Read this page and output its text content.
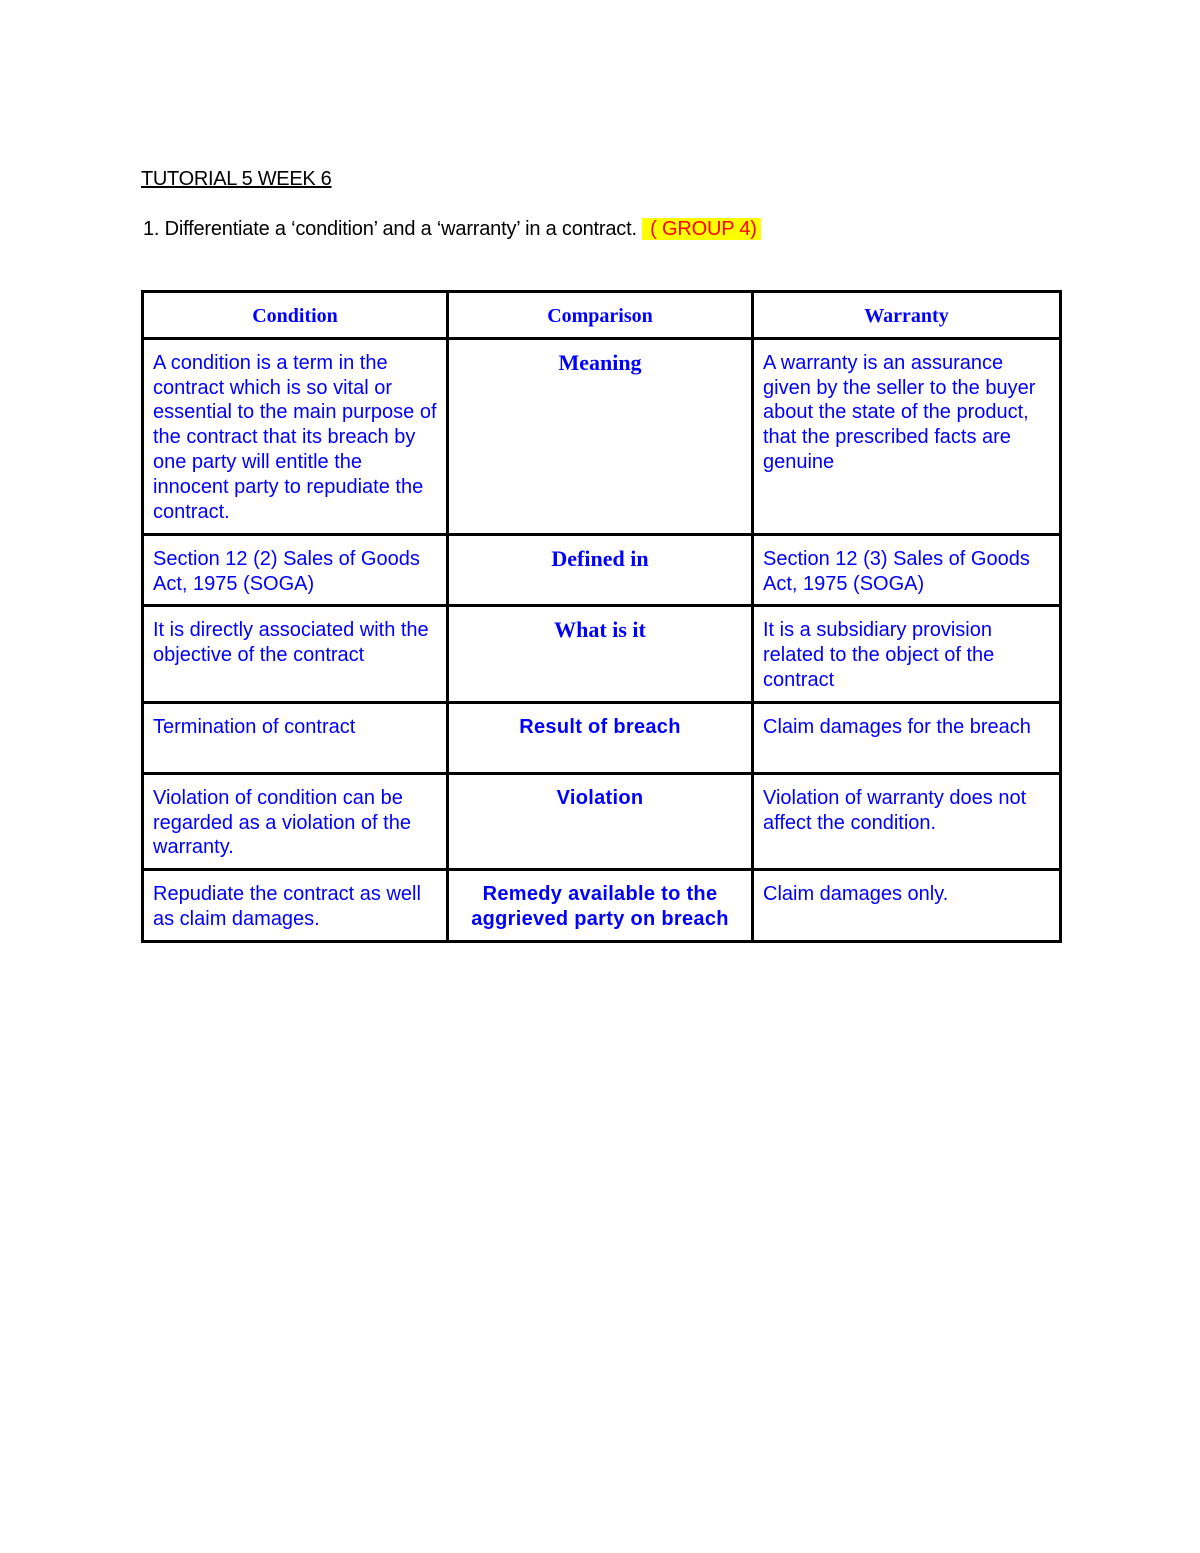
TUTORIAL 5 WEEK 6
1. Differentiate a ‘condition’ and a ‘warranty’ in a contract. ( GROUP 4)
Condition	Comparison	Warranty
A condition is a term in the contract which is so vital or essential to the main purpose of the contract that its breach by one party will entitle the innocent party to repudiate the contract.	Meaning	A warranty is an assurance given by the seller to the buyer about the state of the product, that the prescribed facts are genuine
Section 12 (2) Sales of Goods Act, 1975 (SOGA)	Defined in	Section 12 (3) Sales of Goods Act, 1975 (SOGA)
It is directly associated with the objective of the contract	What is it	It is a subsidiary provision related to the object of the contract
Termination of contract	Result of breach	Claim damages for the breach
Violation of condition can be regarded as a violation of the warranty.	Violation	Violation of warranty does not affect the condition.
Repudiate the contract as well as claim damages.	Remedy available to the aggrieved party on breach	Claim damages only.
